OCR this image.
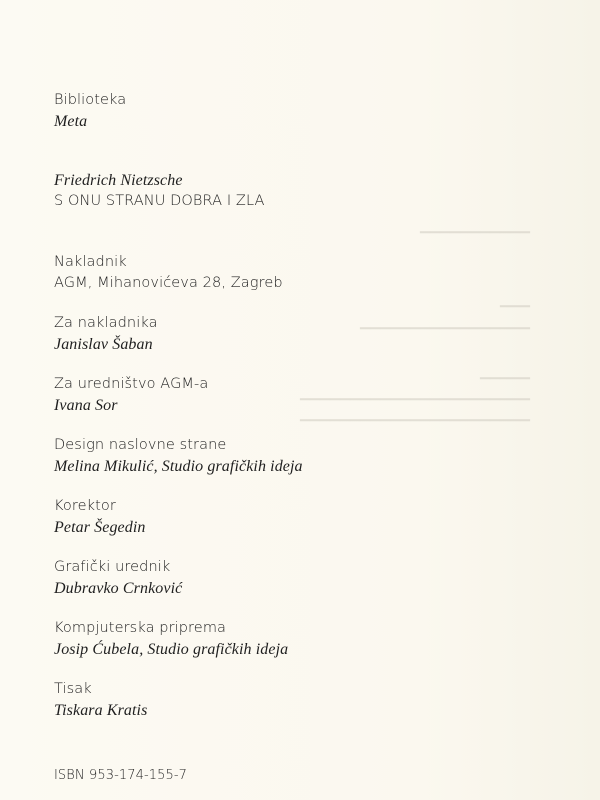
▁▁▁▁▁▁▁▁▁▁▁
▁▁▁
▁▁▁▁▁▁▁▁▁▁▁▁▁▁▁▁▁
▁▁▁▁▁
▁▁▁▁▁▁▁▁▁▁▁▁▁▁▁▁▁▁▁▁▁▁▁
▁▁▁▁▁▁▁▁▁▁▁▁▁▁▁▁▁▁▁▁▁▁▁
Biblioteka
Meta
Friedrich Nietzsche
S ONU STRANU DOBRA I ZLA
Nakladnik
AGM, Mihanovićeva 28, Zagreb
Za nakladnika
Janislav Šaban
Za uredništvo AGM-a
Ivana Sor
Design naslovne strane
Melina Mikulić, Studio grafičkih ideja
Korektor
Petar Šegedin
Grafički urednik
Dubravko Crnković
Kompjuterska priprema
Josip Ćubela, Studio grafičkih ideja
Tisak
Tiskara Kratis
ISBN 953-174-155-7
